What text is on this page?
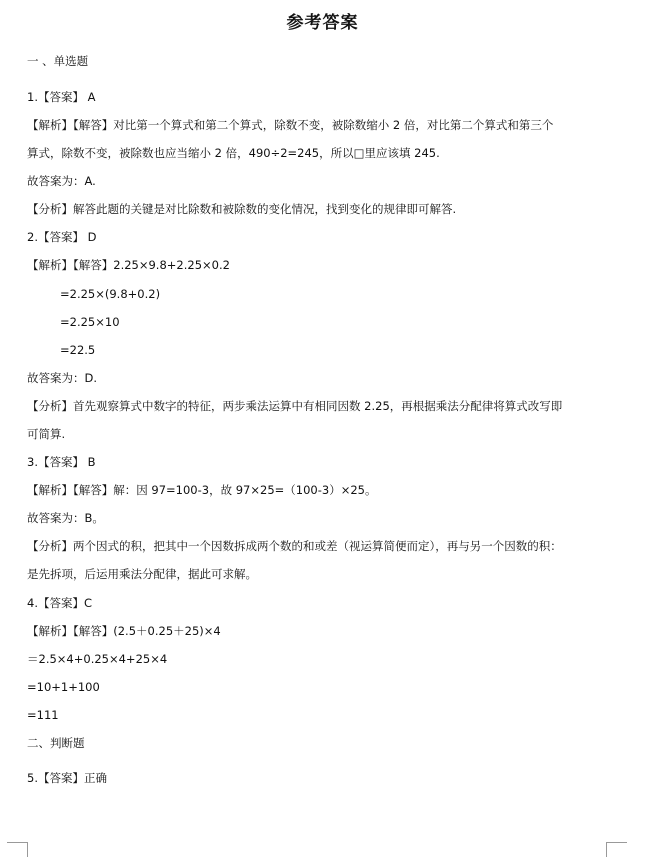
参考答案
一 、单选题
1.【答案】 A
【解析】【解答】对比第一个算式和第二个算式，除数不变，被除数缩小 2 倍，对比第二个算式和第三个
算式，除数不变，被除数也应当缩小 2 倍，490÷2=245，所以□里应该填 245.
故答案为：A.
【分析】解答此题的关键是对比除数和被除数的变化情况，找到变化的规律即可解答.
2.【答案】 D
【解析】【解答】2.25×9.8+2.25×0.2
=2.25×(9.8+0.2)
=2.25×10
=22.5
故答案为：D.
【分析】首先观察算式中数字的特征，两步乘法运算中有相同因数 2.25，再根据乘法分配律将算式改写即
可简算.
3.【答案】 B
【解析】【解答】解：因 97=100-3，故 97×25=（100-3）×25。
故答案为：B。
【分析】两个因式的积，把其中一个因数拆成两个数的和或差（视运算简便而定），再与另一个因数的积：
是先拆项，后运用乘法分配律，据此可求解。
4.【答案】C
【解析】【解答】(2.5＋0.25＋25)×4
＝2.5×4+0.25×4+25×4
=10+1+100
=111
二、判断题
5.【答案】正确
